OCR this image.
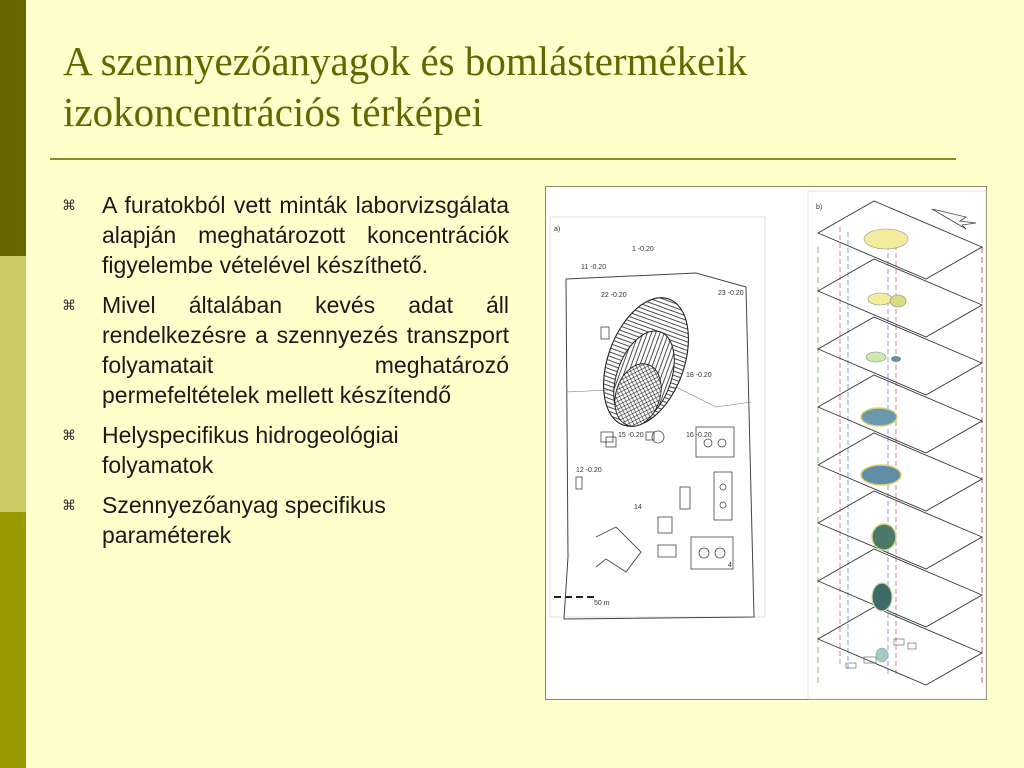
A szennyezőanyagok és bomlástermékeik
izokoncentrációs térképei
⌘ A furatokból vett minták laborvizsgálata alapján meghatározott koncentrációk figyelembe vételével készíthető.
⌘ Mivel általában kevés adat áll rendelkezésre a szennyezés transzport folyamatait meghatározó permefeltételek mellett készítendő
⌘ Helyspecifikus hidrogeológiai folyamatok
⌘ Szennyezőanyag specifikus paraméterek
a)
1 -0.20
23 -0.20
11 -0.20
22 -0.20
18 -0.20
16 -0.20
15 -0.20
12 -0.20
14
4
50 m
b)
